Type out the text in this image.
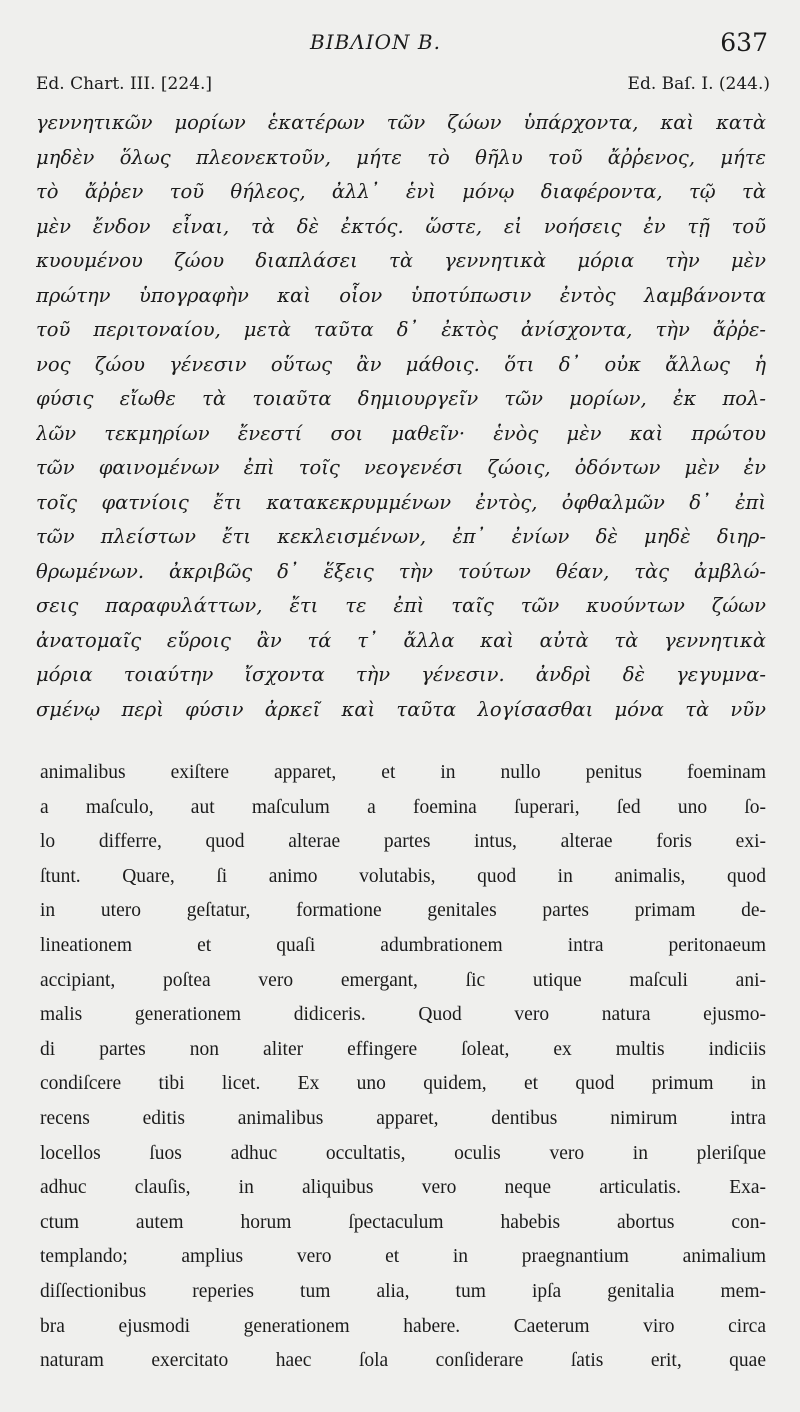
ΒΙΒΛΙΟΝ Β.	637
Ed. Chart. III. [224.]	Ed. Baſ. I. (244.)
γεννητικῶν μορίων ἑκατέρων τῶν ζώων ὑπάρχοντα, καὶ κατὰ
μηδὲν ὅλως πλεονεκτοῦν, μήτε τὸ θῆλυ τοῦ ἄῤῥενος, μήτε
τὸ ἄῤῥεν τοῦ θήλεος, ἀλλ᾽ ἑνὶ μόνῳ διαφέροντα, τῷ τὰ
μὲν ἔνδον εἶναι, τὰ δὲ ἐκτός. ὥστε, εἰ νοήσεις ἐν τῇ τοῦ
κυουμένου ζώου διαπλάσει τὰ γεννητικὰ μόρια τὴν μὲν
πρώτην ὑπογραφὴν καὶ οἷον ὑποτύπωσιν ἐντὸς λαμβάνοντα
τοῦ περιτοναίου, μετὰ ταῦτα δ᾽ ἐκτὸς ἀνίσχοντα, τὴν ἄῤῥε-
νος ζώου γένεσιν οὕτως ἂν μάθοις. ὅτι δ᾽ οὐκ ἄλλως ἡ
φύσις εἴωθε τὰ τοιαῦτα δημιουργεῖν τῶν μορίων, ἐκ πολ-
λῶν τεκμηρίων ἔνεστί σοι μαθεῖν· ἑνὸς μὲν καὶ πρώτου
τῶν φαινομένων ἐπὶ τοῖς νεογενέσι ζώοις, ὀδόντων μὲν ἐν
τοῖς φατνίοις ἔτι κατακεκρυμμένων ἐντὸς, ὀφθαλμῶν δ᾽ ἐπὶ
τῶν πλείστων ἔτι κεκλεισμένων, ἐπ᾽ ἐνίων δὲ μηδὲ διηρ-
θρωμένων. ἀκριβῶς δ᾽ ἕξεις τὴν τούτων θέαν, τὰς ἀμβλώ-
σεις παραφυλάττων, ἔτι τε ἐπὶ ταῖς τῶν κυούντων ζώων
ἀνατομαῖς εὕροις ἂν τά τ᾽ ἄλλα καὶ αὐτὰ τὰ γεννητικὰ
μόρια τοιαύτην ἴσχοντα τὴν γένεσιν. ἀνδρὶ δὲ γεγυμνα-
σμένῳ περὶ φύσιν ἀρκεῖ καὶ ταῦτα λογίσασθαι μόνα τὰ νῦν
animalibus exiſtere apparet, et in nullo penitus foeminam
a maſculo, aut maſculum a foemina ſuperari, ſed uno ſo-
lo differre, quod alterae partes intus, alterae foris exi-
ſtunt. Quare, ſi animo volutabis, quod in animalis, quod
in utero geſtatur, formatione genitales partes primam de-
lineationem et quaſi adumbrationem intra peritonaeum
accipiant, poſtea vero emergant, ſic utique maſculi ani-
malis generationem didiceris. Quod vero natura ejusmo-
di partes non aliter effingere ſoleat, ex multis indiciis
condiſcere tibi licet. Ex uno quidem, et quod primum in
recens editis animalibus apparet, dentibus nimirum intra
locellos ſuos adhuc occultatis, oculis vero in pleriſque
adhuc clauſis, in aliquibus vero neque articulatis. Exa-
ctum autem horum ſpectaculum habebis abortus con-
templando; amplius vero et in praegnantium animalium
diſſectionibus reperies tum alia, tum ipſa genitalia mem-
bra ejusmodi generationem habere. Caeterum viro circa
naturam exercitato haec ſola conſiderare ſatis erit, quae
